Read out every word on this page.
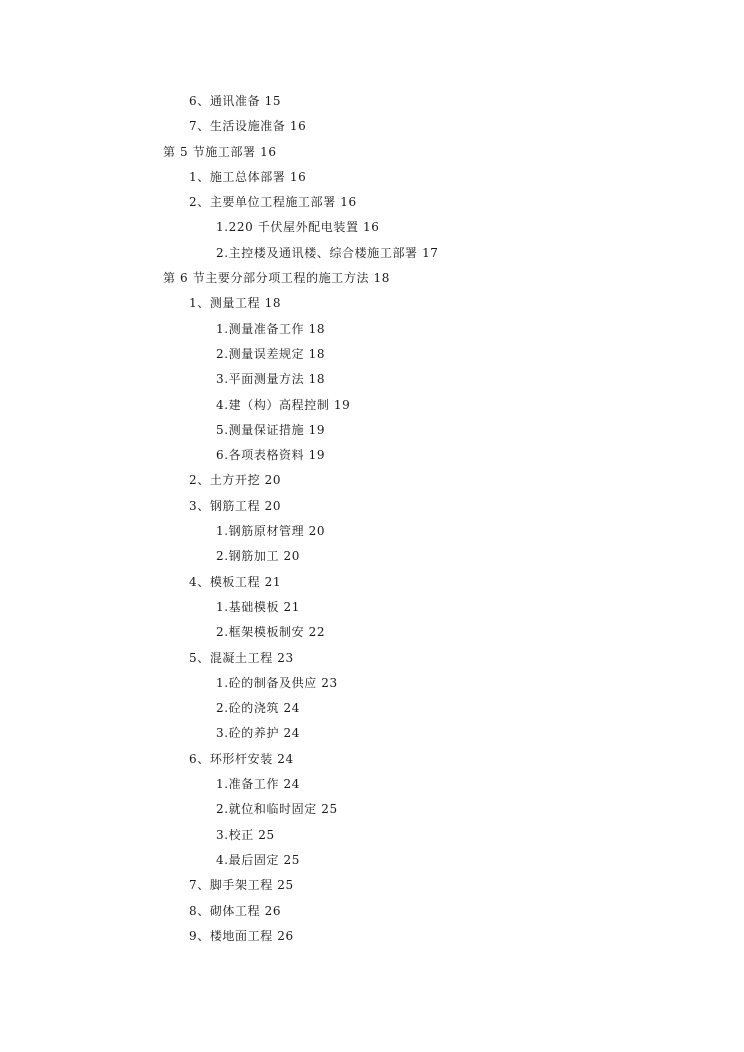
6、通讯准备 15
7、生活设施准备 16
第 5 节施工部署 16
1、施工总体部署 16
2、主要单位工程施工部署 16
1.220 千伏屋外配电装置 16
2.主控楼及通讯楼、综合楼施工部署 17
第 6 节主要分部分项工程的施工方法 18
1、测量工程 18
1.测量准备工作 18
2.测量误差规定 18
3.平面测量方法 18
4.建（构）高程控制 19
5.测量保证措施 19
6.各项表格资料 19
2、土方开挖 20
3、钢筋工程 20
1.钢筋原材管理 20
2.钢筋加工 20
4、模板工程 21
1.基础模板 21
2.框架模板制安 22
5、混凝土工程 23
1.砼的制备及供应 23
2.砼的浇筑 24
3.砼的养护 24
6、环形杆安装 24
1.准备工作 24
2.就位和临时固定 25
3.校正 25
4.最后固定 25
7、脚手架工程 25
8、砌体工程 26
9、楼地面工程 26
